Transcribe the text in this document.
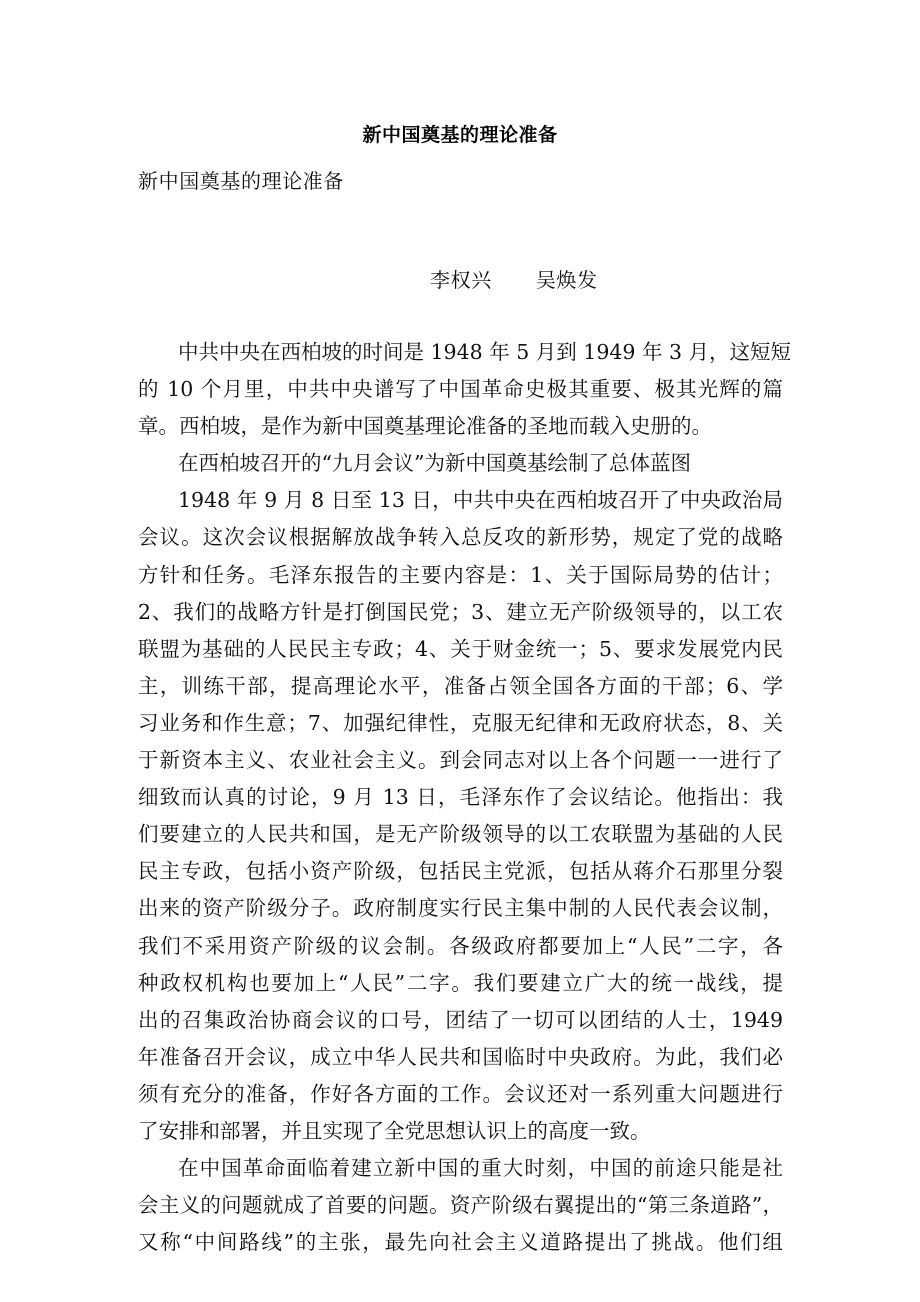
新中国奠基的理论准备
新中国奠基的理论准备
李权兴 吴焕发
中共中央在西柏坡的时间是 1948 年 5 月到 1949 年 3 月，这短短
的 10 个月里，中共中央谱写了中国革命史极其重要、极其光辉的篇
章。西柏坡，是作为新中国奠基理论准备的圣地而载入史册的。
在西柏坡召开的“九月会议”为新中国奠基绘制了总体蓝图
1948 年 9 月 8 日至 13 日，中共中央在西柏坡召开了中央政治局
会议。这次会议根据解放战争转入总反攻的新形势，规定了党的战略
方针和任务。毛泽东报告的主要内容是：1、关于国际局势的估计；
2、我们的战略方针是打倒国民党；3、建立无产阶级领导的，以工农
联盟为基础的人民民主专政；4、关于财金统一；5、要求发展党内民
主，训练干部，提高理论水平，准备占领全国各方面的干部；6、学
习业务和作生意；7、加强纪律性，克服无纪律和无政府状态，8、关
于新资本主义、农业社会主义。到会同志对以上各个问题一一进行了
细致而认真的讨论，9 月 13 日，毛泽东作了会议结论。他指出：我
们要建立的人民共和国，是无产阶级领导的以工农联盟为基础的人民
民主专政，包括小资产阶级，包括民主党派，包括从蒋介石那里分裂
出来的资产阶级分子。政府制度实行民主集中制的人民代表会议制，
我们不采用资产阶级的议会制。各级政府都要加上“人民”二字，各
种政权机构也要加上“人民”二字。我们要建立广大的统一战线，提
出的召集政治协商会议的口号，团结了一切可以团结的人士，1949
年准备召开会议，成立中华人民共和国临时中央政府。为此，我们必
须有充分的准备，作好各方面的工作。会议还对一系列重大问题进行
了安排和部署，并且实现了全党思想认识上的高度一致。
在中国革命面临着建立新中国的重大时刻，中国的前途只能是社
会主义的问题就成了首要的问题。资产阶级右翼提出的“第三条道路”，
又称“中间路线”的主张，最先向社会主义道路提出了挑战。他们组
